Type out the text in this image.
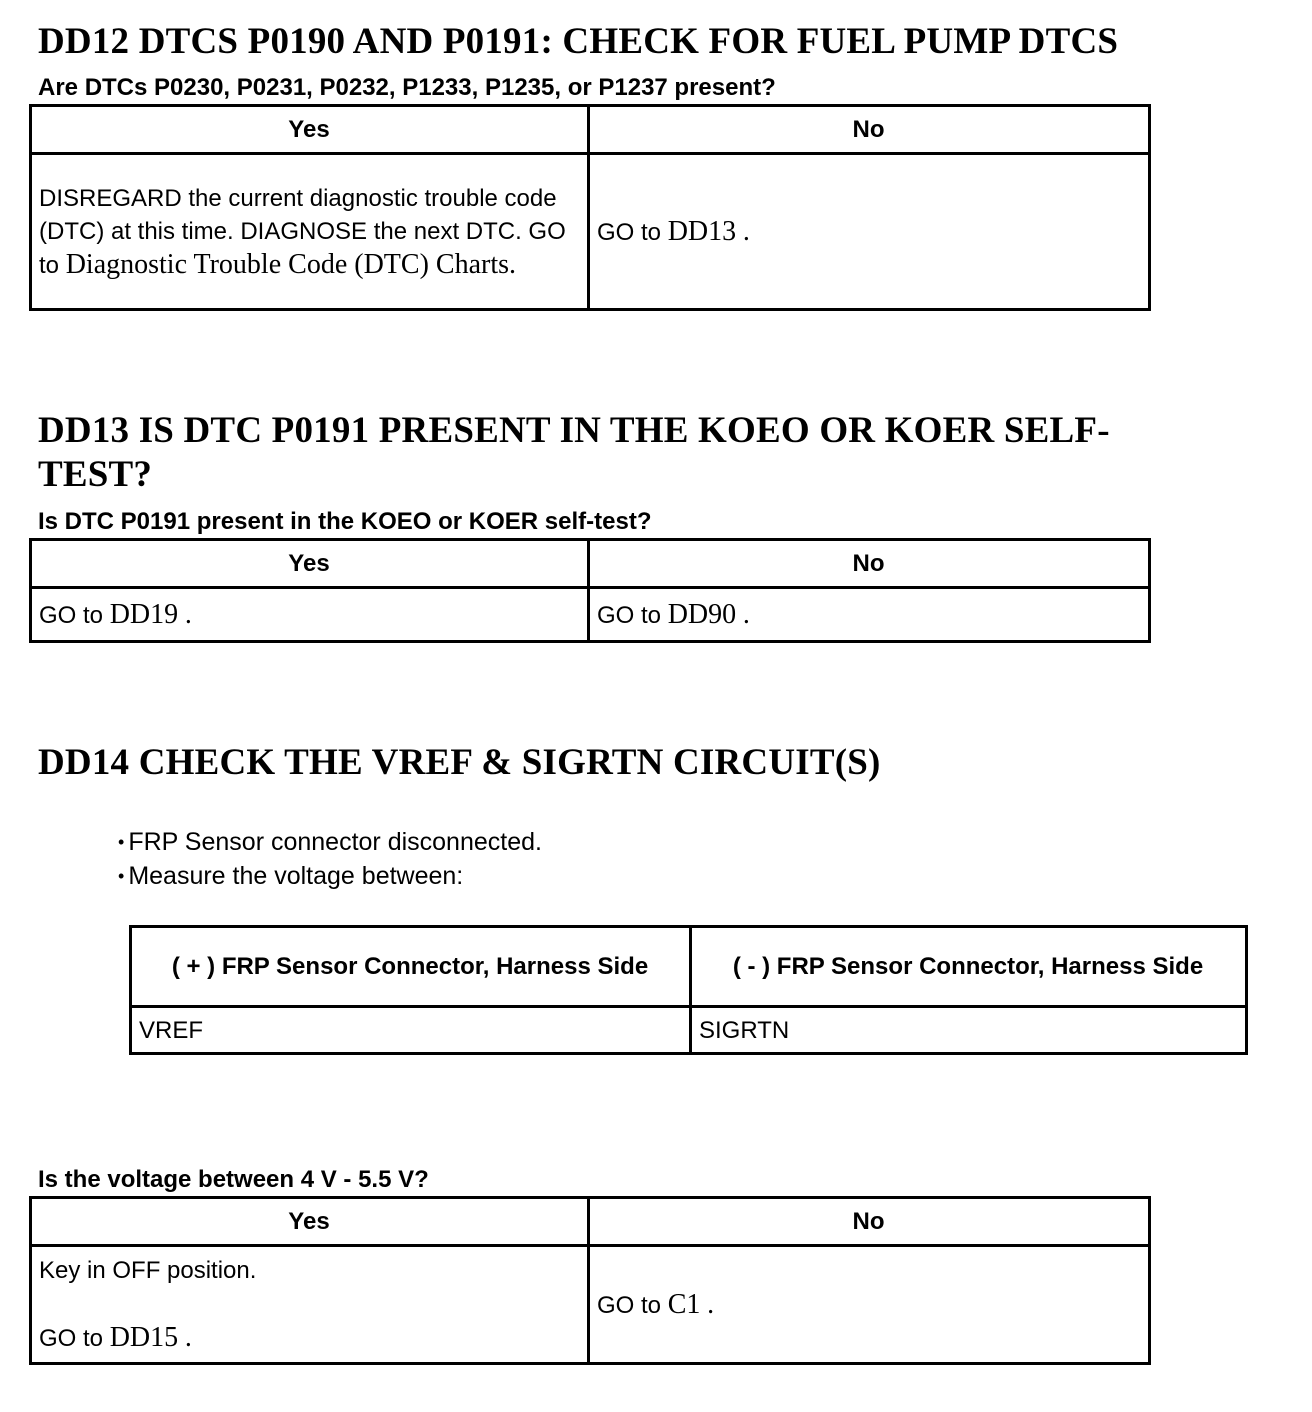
DD12 DTCS P0190 AND P0191: CHECK FOR FUEL PUMP DTCS

Are DTCs P0230, P0231, P0232, P1233, P1235, or P1237 present?

Yes	No
DISREGARD the current diagnostic trouble code (DTC) at this time. DIAGNOSE the next DTC. GO to Diagnostic Trouble Code (DTC) Charts.	GO to DD13 .
DD13 IS DTC P0191 PRESENT IN THE KOEO OR KOER SELF-TEST?

Is DTC P0191 present in the KOEO or KOER self-test?

Yes	No
GO to DD19 .	GO to DD90 .
DD14 CHECK THE VREF & SIGRTN CIRCUIT(S)
• FRP Sensor connector disconnected.
• Measure the voltage between:
( + ) FRP Sensor Connector, Harness Side	( - ) FRP Sensor Connector, Harness Side
VREF	SIGRTN

Is the voltage between 4 V - 5.5 V?

Yes	No

Key in OFF position.
GO to DD15 .	GO to C1 .
